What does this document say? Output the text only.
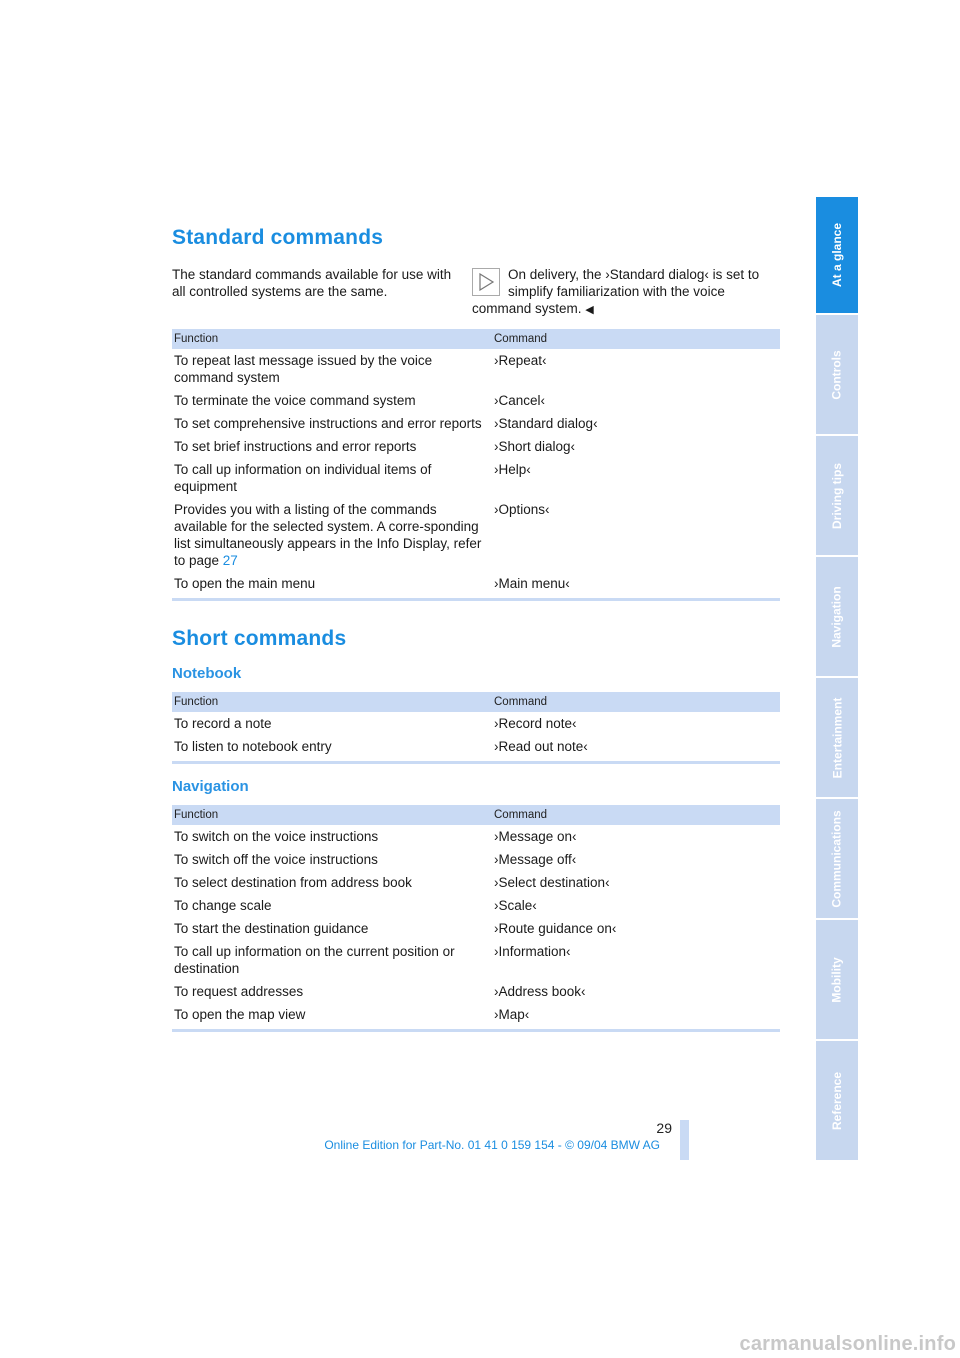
Standard commands
The standard commands available for use with all controlled systems are the same.
On delivery, the ›Standard dialog‹ is set to simplify familiarization with the voice command system. ◀
Function	Command
To repeat last message issued by the voice command system	›Repeat‹
To terminate the voice command system	›Cancel‹
To set comprehensive instructions and error reports	›Standard dialog‹
To set brief instructions and error reports	›Short dialog‹
To call up information on individual items of equipment	›Help‹
Provides you with a listing of the commands available for the selected system. A corre-sponding list simultaneously appears in the Info Display, refer to page 27	›Options‹
To open the main menu	›Main menu‹
Short commands
Notebook
Function	Command
To record a note	›Record note‹
To listen to notebook entry	›Read out note‹
Navigation
Function	Command
To switch on the voice instructions	›Message on‹
To switch off the voice instructions	›Message off‹
To select destination from address book	›Select destination‹
To change scale	›Scale‹
To start the destination guidance	›Route guidance on‹
To call up information on the current position or destination	›Information‹
To request addresses	›Address book‹
To open the map view	›Map‹
At a glance
Controls
Driving tips
Navigation
Entertainment
Communications
Mobility
Reference
29
Online Edition for Part-No. 01 41 0 159 154 - © 09/04 BMW AG
carmanualsonline.info
